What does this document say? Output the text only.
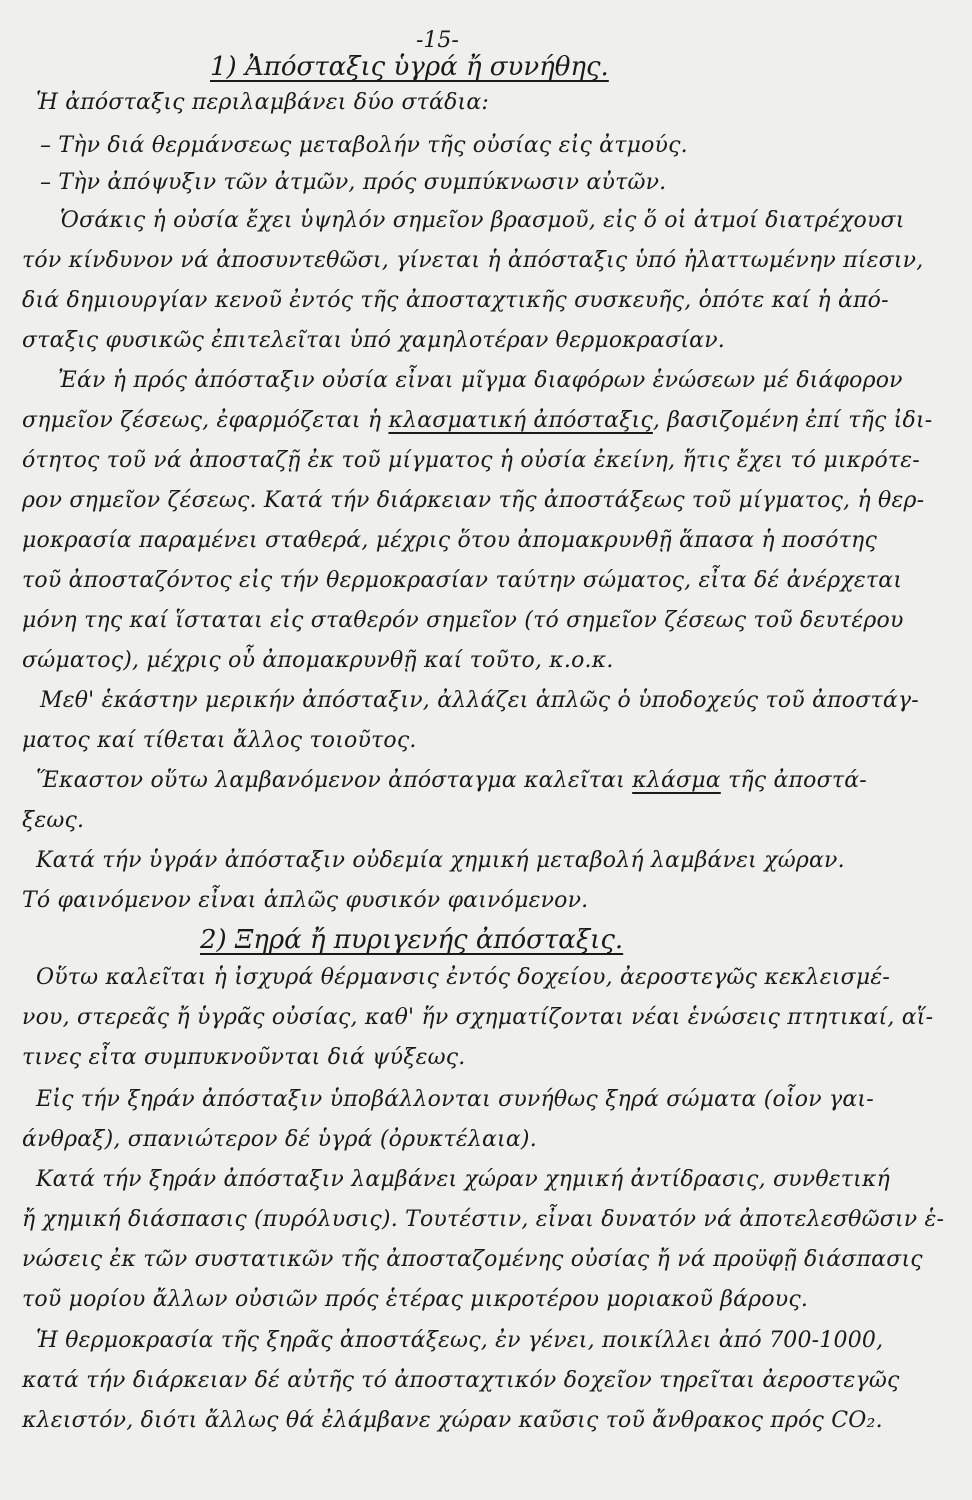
-15-
1) Ἀπόσταξις ὑγρά ἤ συνήθης.
Ἡ ἀπόσταξις περιλαμβάνει δύο στάδια:
– Τὴν διά θερμάνσεως μεταβολήν τῆς οὐσίας εἰς ἀτμούς.
– Τὴν ἀπόψυξιν τῶν ἀτμῶν, πρός συμπύκνωσιν αὐτῶν.
Ὁσάκις ἡ οὐσία ἔχει ὑψηλόν σημεῖον βρασμοῦ, εἰς ὅ οἱ ἀτμοί διατρέχουσι
τόν κίνδυνον νά ἀποσυντεθῶσι, γίνεται ἡ ἀπόσταξις ὑπό ἠλαττωμένην πίεσιν,
διά δημιουργίαν κενοῦ ἐντός τῆς ἀποσταχτικῆς συσκευῆς, ὁπότε καί ἡ ἀπό-
σταξις φυσικῶς ἐπιτελεῖται ὑπό χαμηλοτέραν θερμοκρασίαν.
Ἐάν ἡ πρός ἀπόσταξιν οὐσία εἶναι μῖγμα διαφόρων ἑνώσεων μέ διάφορον
σημεῖον ζέσεως, ἐφαρμόζεται ἡ κλασματική ἀπόσταξις, βασιζομένη ἐπί τῆς ἰδι-
ότητος τοῦ νά ἀποσταζῇ ἐκ τοῦ μίγματος ἡ οὐσία ἐκείνη, ἥτις ἔχει τό μικρότε-
ρον σημεῖον ζέσεως. Κατά τήν διάρκειαν τῆς ἀποστάξεως τοῦ μίγματος, ἡ θερ-
μοκρασία παραμένει σταθερά, μέχρις ὅτου ἀπομακρυνθῇ ἅπασα ἡ ποσότης
τοῦ ἀποσταζόντος εἰς τήν θερμοκρασίαν ταύτην σώματος, εἶτα δέ ἀνέρχεται
μόνη της καί ἵσταται εἰς σταθερόν σημεῖον (τό σημεῖον ζέσεως τοῦ δευτέρου
σώματος), μέχρις οὗ ἀπομακρυνθῇ καί τοῦτο, κ.ο.κ.
Μεθ' ἑκάστην μερικήν ἀπόσταξιν, ἀλλάζει ἁπλῶς ὁ ὑποδοχεύς τοῦ ἀποστάγ-
ματος καί τίθεται ἄλλος τοιοῦτος.
Ἕκαστον οὕτω λαμβανόμενον ἀπόσταγμα καλεῖται κλάσμα τῆς ἀποστά-
ξεως.
Κατά τήν ὑγράν ἀπόσταξιν οὐδεμία χημική μεταβολή λαμβάνει χώραν.
Τό φαινόμενον εἶναι ἁπλῶς φυσικόν φαινόμενον.
2) Ξηρά ἤ πυριγενής ἀπόσταξις.
Οὕτω καλεῖται ἡ ἰσχυρά θέρμανσις ἐντός δοχείου, ἀεροστεγῶς κεκλεισμέ-
νου, στερεᾶς ἤ ὑγρᾶς οὐσίας, καθ' ἥν σχηματίζονται νέαι ἑνώσεις πτητικαί, αἵ-
τινες εἶτα συμπυκνοῦνται διά ψύξεως.
Εἰς τήν ξηράν ἀπόσταξιν ὑποβάλλονται συνήθως ξηρά σώματα (οἷον γαι-
άνθραξ), σπανιώτερον δέ ὑγρά (ὀρυκτέλαια).
Κατά τήν ξηράν ἀπόσταξιν λαμβάνει χώραν χημική ἀντίδρασις, συνθετική
ἤ χημική διάσπασις (πυρόλυσις). Τουτέστιν, εἶναι δυνατόν νά ἀποτελεσθῶσιν ἑ-
νώσεις ἐκ τῶν συστατικῶν τῆς ἀποσταζομένης οὐσίας ἤ νά προϋφῇ διάσπασις
τοῦ μορίου ἄλλων οὐσιῶν πρός ἑτέρας μικροτέρου μοριακοῦ βάρους.
Ἡ θερμοκρασία τῆς ξηρᾶς ἀποστάξεως, ἐν γένει, ποικίλλει ἀπό 700-1000,
κατά τήν διάρκειαν δέ αὐτῆς τό ἀποσταχτικόν δοχεῖον τηρεῖται ἀεροστεγῶς
κλειστόν, διότι ἄλλως θά ἐλάμβανε χώραν καῦσις τοῦ ἄνθρακος πρός CO₂.
